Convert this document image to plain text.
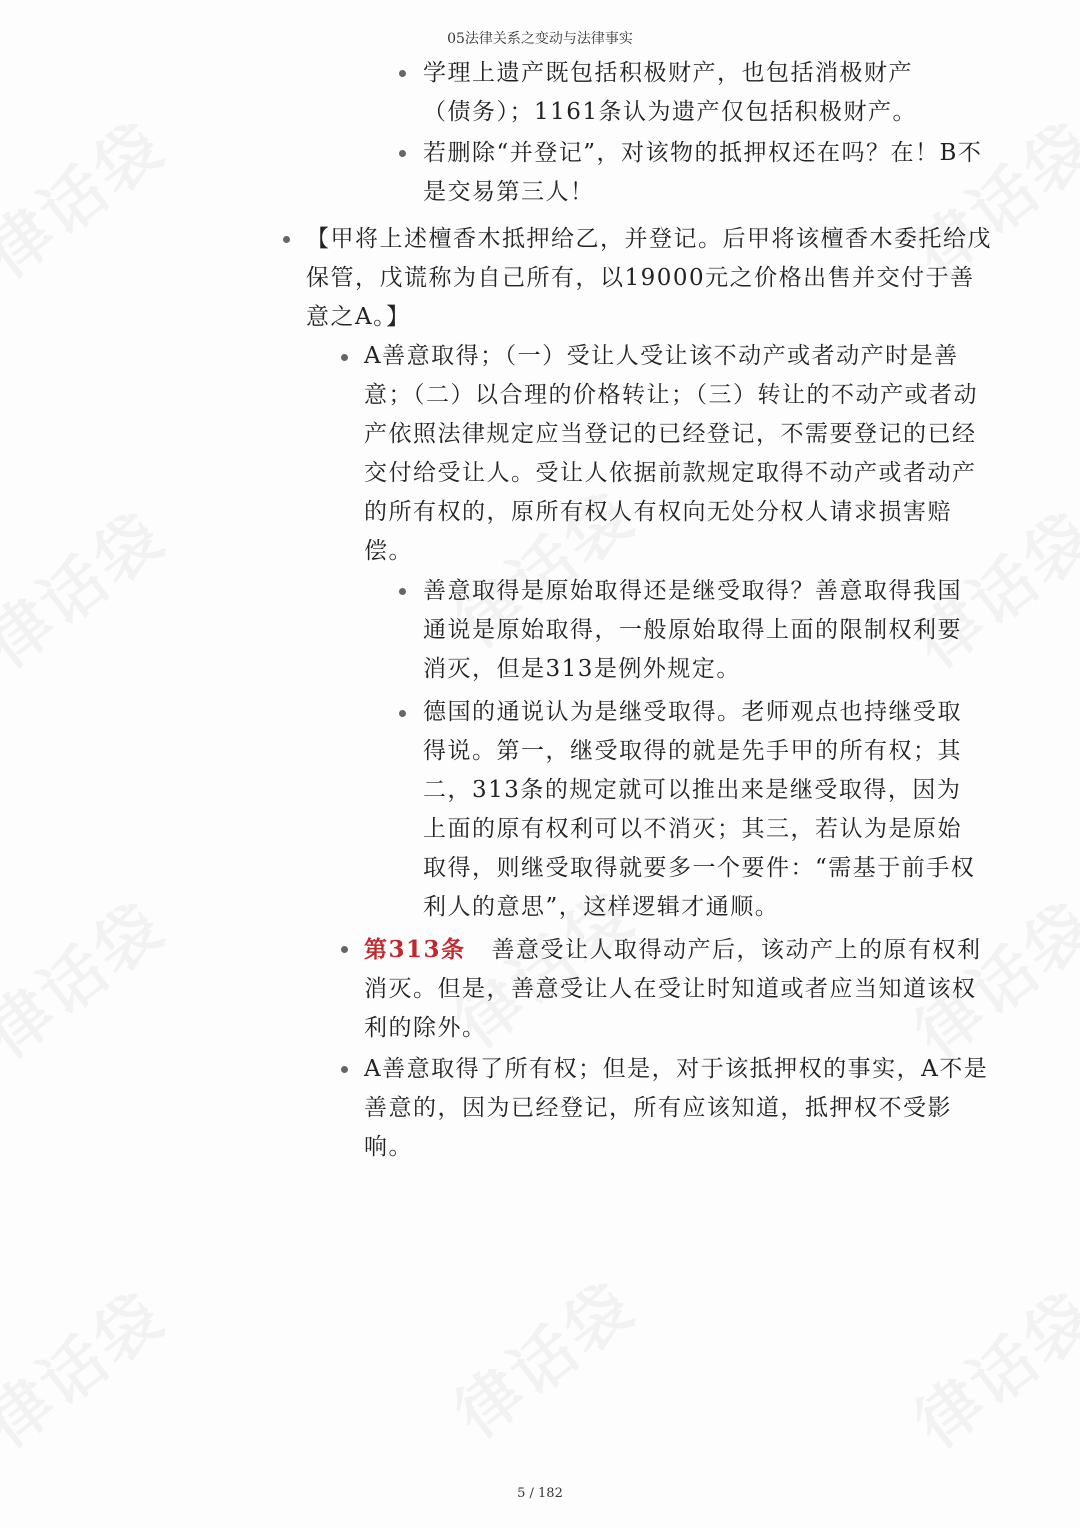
05法律关系之变动与法律事实

学理上遗产既包括积极财产，也包括消极财产（债务）；1161条认为遗产仅包括积极财产。

若删除“并登记”，对该物的抵押权还在吗？在！B不是交易第三人！

【甲将上述檀香木抵押给乙，并登记。后甲将该檀香木委托给戊保管，戊谎称为自己所有，以19000元之价格出售并交付于善意之A。】

A善意取得；（一）受让人受让该不动产或者动产时是善意；（二）以合理的价格转让；（三）转让的不动产或者动产依照法律规定应当登记的已经登记，不需要登记的已经交付给受让人。受让人依据前款规定取得不动产或者动产的所有权的，原所有权人有权向无处分权人请求损害赔偿。

善意取得是原始取得还是继受取得？善意取得我国通说是原始取得，一般原始取得上面的限制权利要消灭，但是313是例外规定。

德国的通说认为是继受取得。老师观点也持继受取得说。第一，继受取得的就是先手甲的所有权；其二，313条的规定就可以推出来是继受取得，因为上面的原有权利可以不消灭；其三，若认为是原始取得，则继受取得就要多一个要件：“需基于前手权利人的意思”，这样逻辑才通顺。

第313条 善意受让人取得动产后，该动产上的原有权利消灭。但是，善意受让人在受让时知道或者应当知道该权利的除外。

A善意取得了所有权；但是，对于该抵押权的事实，A不是善意的，因为已经登记，所有应该知道，抵押权不受影响。

5 / 182
